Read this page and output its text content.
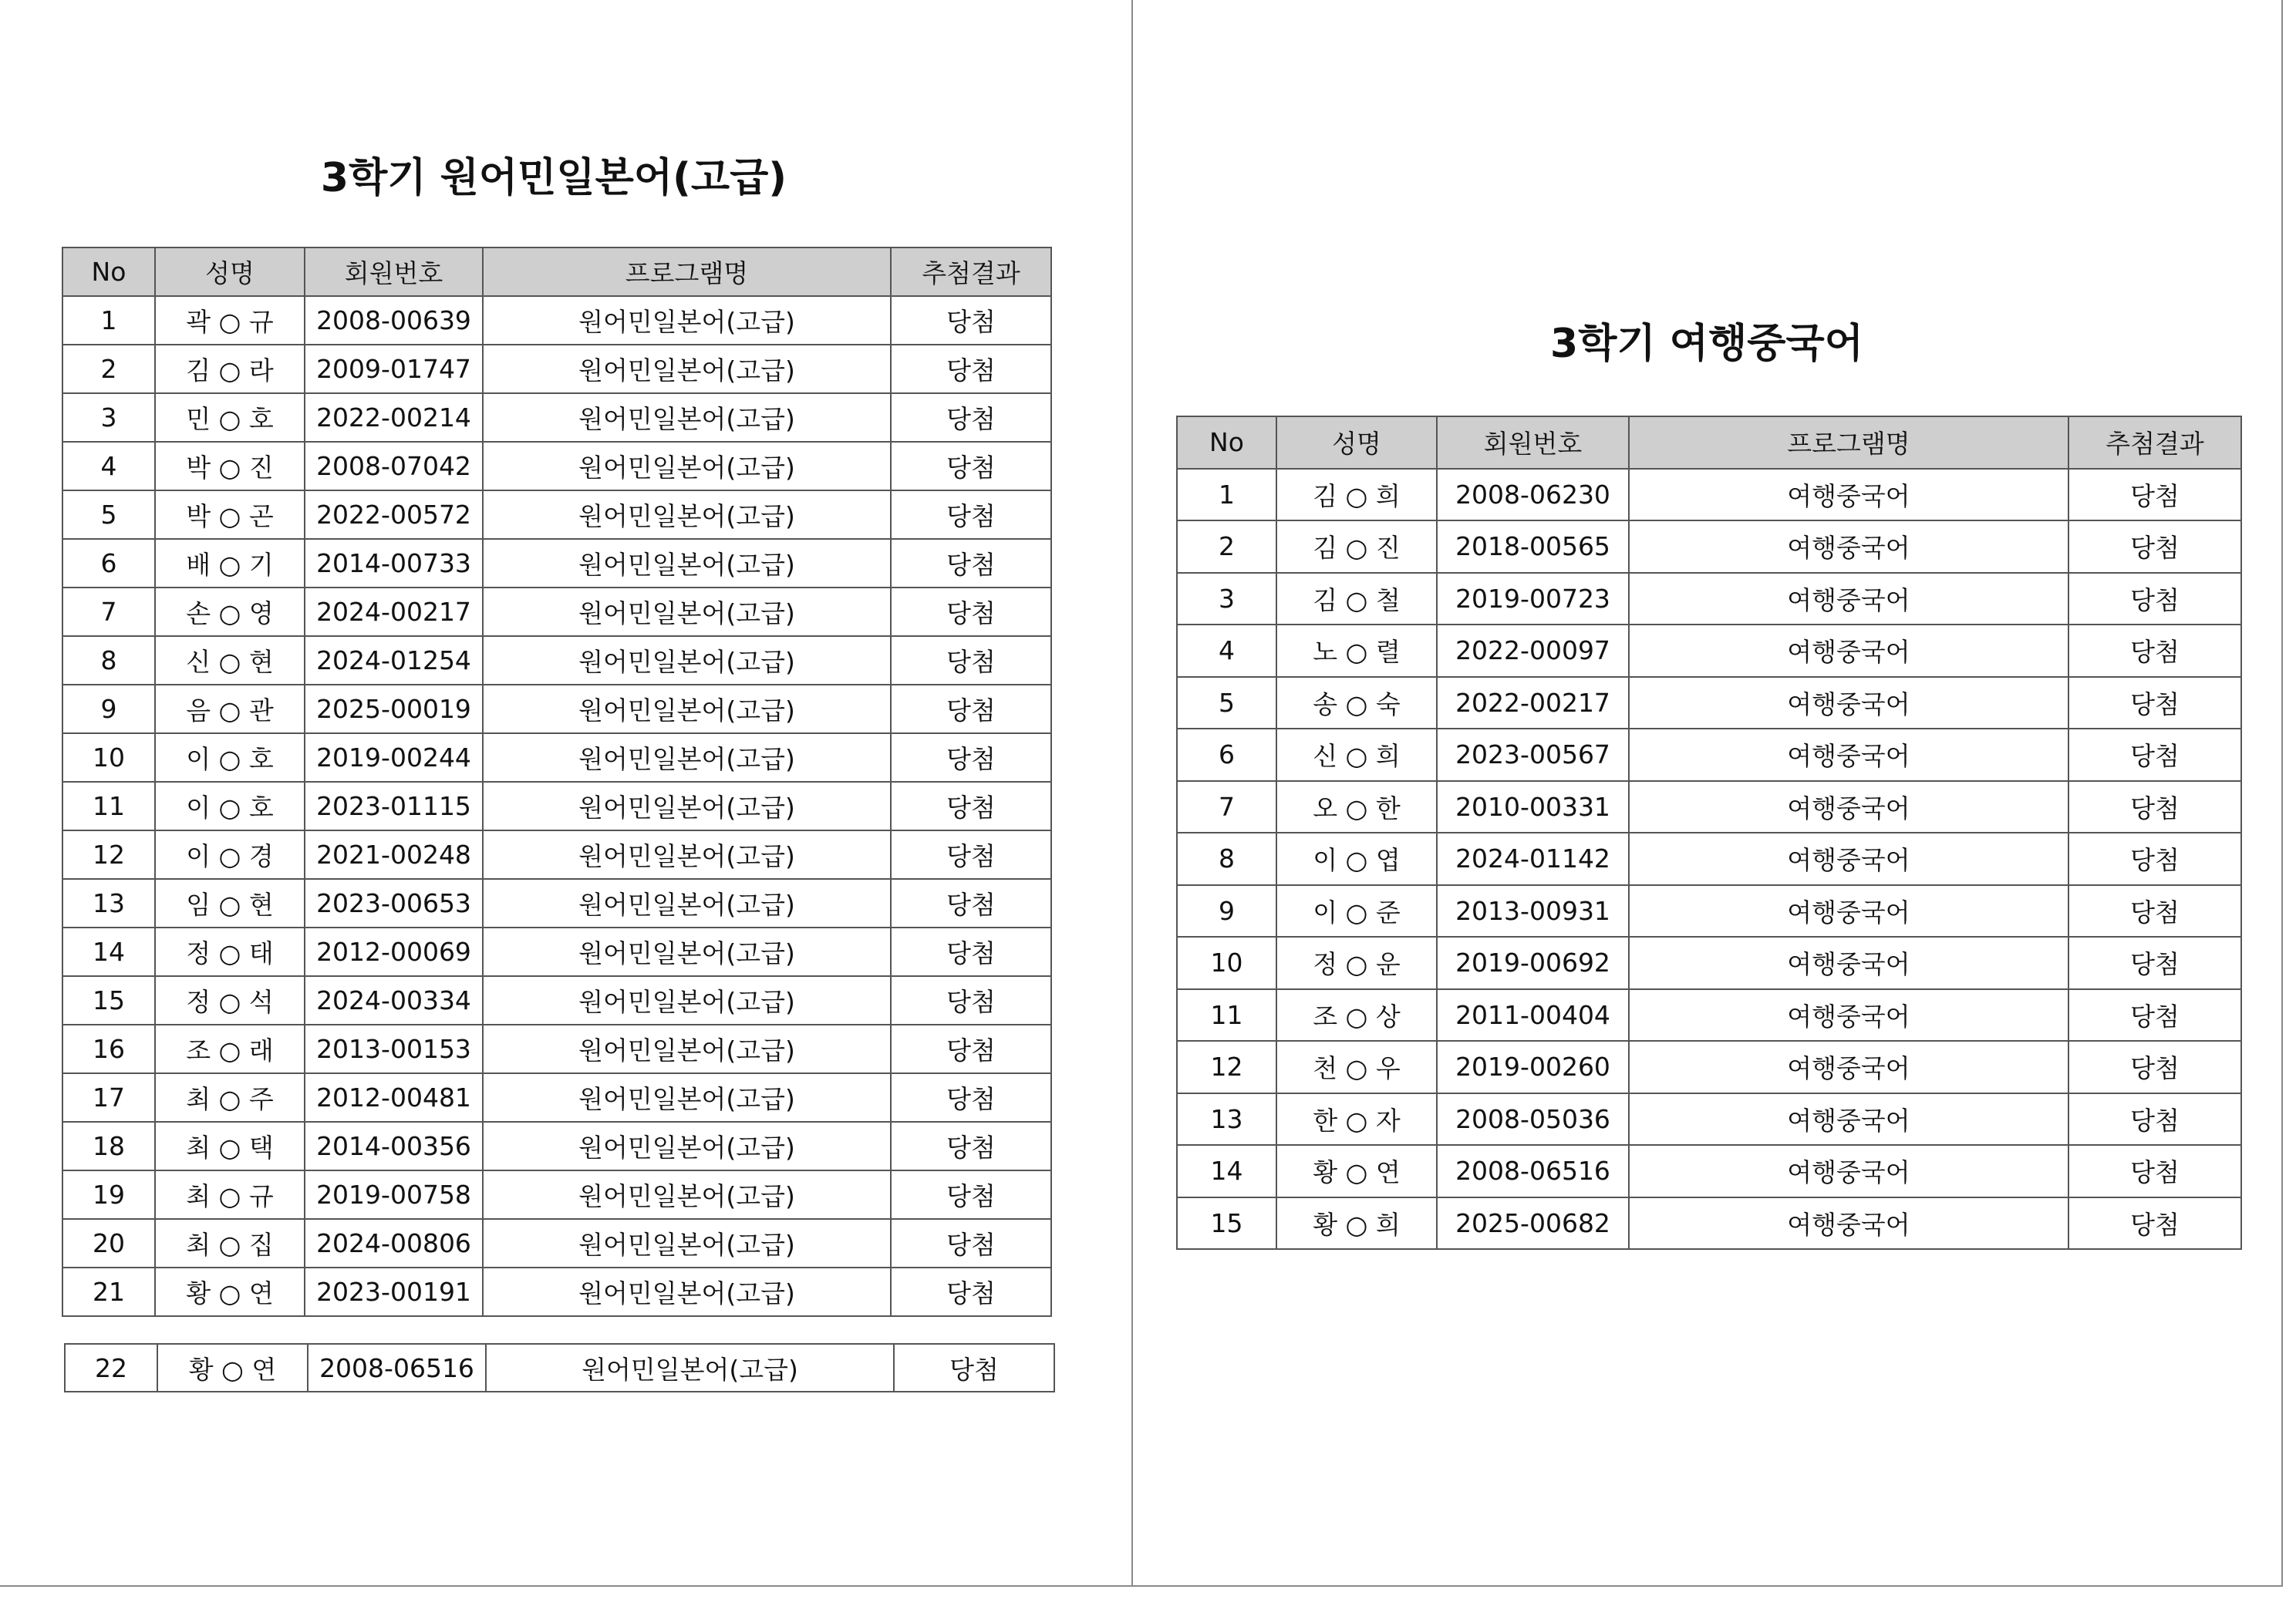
3학기 원어민일본어(고급)
No	성명	회원번호	프로그램명	추첨결과
1	곽 ○ 규	2008-00639	원어민일본어(고급)	당첨
2	김 ○ 라	2009-01747	원어민일본어(고급)	당첨
3	민 ○ 호	2022-00214	원어민일본어(고급)	당첨
4	박 ○ 진	2008-07042	원어민일본어(고급)	당첨
5	박 ○ 곤	2022-00572	원어민일본어(고급)	당첨
6	배 ○ 기	2014-00733	원어민일본어(고급)	당첨
7	손 ○ 영	2024-00217	원어민일본어(고급)	당첨
8	신 ○ 현	2024-01254	원어민일본어(고급)	당첨
9	음 ○ 관	2025-00019	원어민일본어(고급)	당첨
10	이 ○ 호	2019-00244	원어민일본어(고급)	당첨
11	이 ○ 호	2023-01115	원어민일본어(고급)	당첨
12	이 ○ 경	2021-00248	원어민일본어(고급)	당첨
13	임 ○ 현	2023-00653	원어민일본어(고급)	당첨
14	정 ○ 태	2012-00069	원어민일본어(고급)	당첨
15	정 ○ 석	2024-00334	원어민일본어(고급)	당첨
16	조 ○ 래	2013-00153	원어민일본어(고급)	당첨
17	최 ○ 주	2012-00481	원어민일본어(고급)	당첨
18	최 ○ 택	2014-00356	원어민일본어(고급)	당첨
19	최 ○ 규	2019-00758	원어민일본어(고급)	당첨
20	최 ○ 집	2024-00806	원어민일본어(고급)	당첨
21	황 ○ 연	2023-00191	원어민일본어(고급)	당첨
22	황 ○ 연	2008-06516	원어민일본어(고급)	당첨
3학기 여행중국어
No	성명	회원번호	프로그램명	추첨결과
1	김 ○ 희	2008-06230	여행중국어	당첨
2	김 ○ 진	2018-00565	여행중국어	당첨
3	김 ○ 철	2019-00723	여행중국어	당첨
4	노 ○ 렬	2022-00097	여행중국어	당첨
5	송 ○ 숙	2022-00217	여행중국어	당첨
6	신 ○ 희	2023-00567	여행중국어	당첨
7	오 ○ 한	2010-00331	여행중국어	당첨
8	이 ○ 엽	2024-01142	여행중국어	당첨
9	이 ○ 준	2013-00931	여행중국어	당첨
10	정 ○ 운	2019-00692	여행중국어	당첨
11	조 ○ 상	2011-00404	여행중국어	당첨
12	천 ○ 우	2019-00260	여행중국어	당첨
13	한 ○ 자	2008-05036	여행중국어	당첨
14	황 ○ 연	2008-06516	여행중국어	당첨
15	황 ○ 희	2025-00682	여행중국어	당첨
